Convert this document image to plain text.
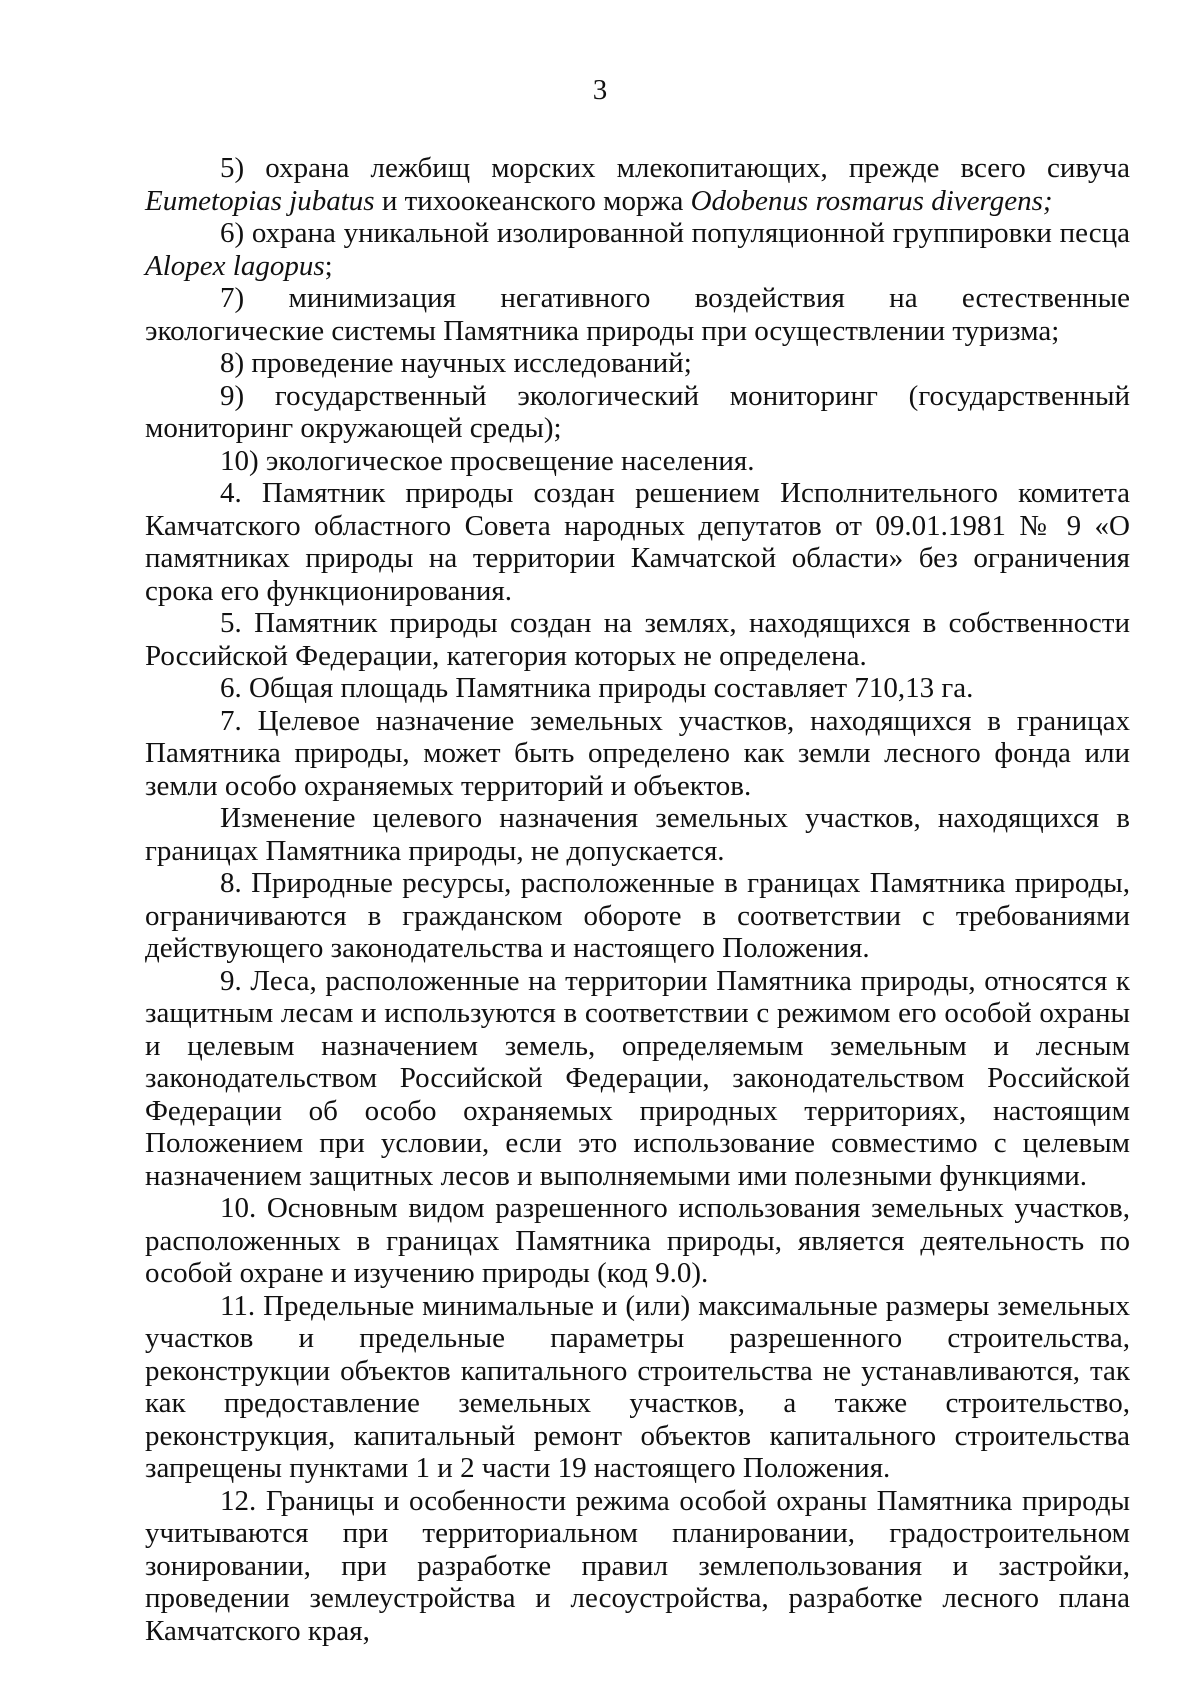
3

5) охрана лежбищ морских млекопитающих, прежде всего сивуча Eumetopias jubatus и тихоокеанского моржа Odobenus rosmarus divergens;

6) охрана уникальной изолированной популяционной группировки песца Alopex lagopus;

7) минимизация негативного воздействия на естественные экологические системы Памятника природы при осуществлении туризма;

8) проведение научных исследований;

9) государственный экологический мониторинг (государственный мониторинг окружающей среды);

10) экологическое просвещение населения.

4. Памятник природы создан решением Исполнительного комитета Камчатского областного Совета народных депутатов от 09.01.1981 № 9 «О памятниках природы на территории Камчатской области» без ограничения срока его функционирования.

5. Памятник природы создан на землях, находящихся в собственности Российской Федерации, категория которых не определена.

6. Общая площадь Памятника природы составляет 710,13 га.

7. Целевое назначение земельных участков, находящихся в границах Памятника природы, может быть определено как земли лесного фонда или земли особо охраняемых территорий и объектов.

Изменение целевого назначения земельных участков, находящихся в границах Памятника природы, не допускается.

8. Природные ресурсы, расположенные в границах Памятника природы, ограничиваются в гражданском обороте в соответствии с требованиями действующего законодательства и настоящего Положения.

9. Леса, расположенные на территории Памятника природы, относятся к защитным лесам и используются в соответствии с режимом его особой охраны и целевым назначением земель, определяемым земельным и лесным законодательством Российской Федерации, законодательством Российской Федерации об особо охраняемых природных территориях, настоящим Положением при условии, если это использование совместимо с целевым назначением защитных лесов и выполняемыми ими полезными функциями.

10. Основным видом разрешенного использования земельных участков, расположенных в границах Памятника природы, является деятельность по особой охране и изучению природы (код 9.0).

11. Предельные минимальные и (или) максимальные размеры земельных участков и предельные параметры разрешенного строительства, реконструкции объектов капитального строительства не устанавливаются, так как предоставление земельных участков, а также строительство, реконструкция, капитальный ремонт объектов капитального строительства запрещены пунктами 1 и 2 части 19 настоящего Положения.

12. Границы и особенности режима особой охраны Памятника природы учитываются при территориальном планировании, градостроительном зонировании, при разработке правил землепользования и застройки, проведении землеустройства и лесоустройства, разработке лесного плана Камчатского края,
